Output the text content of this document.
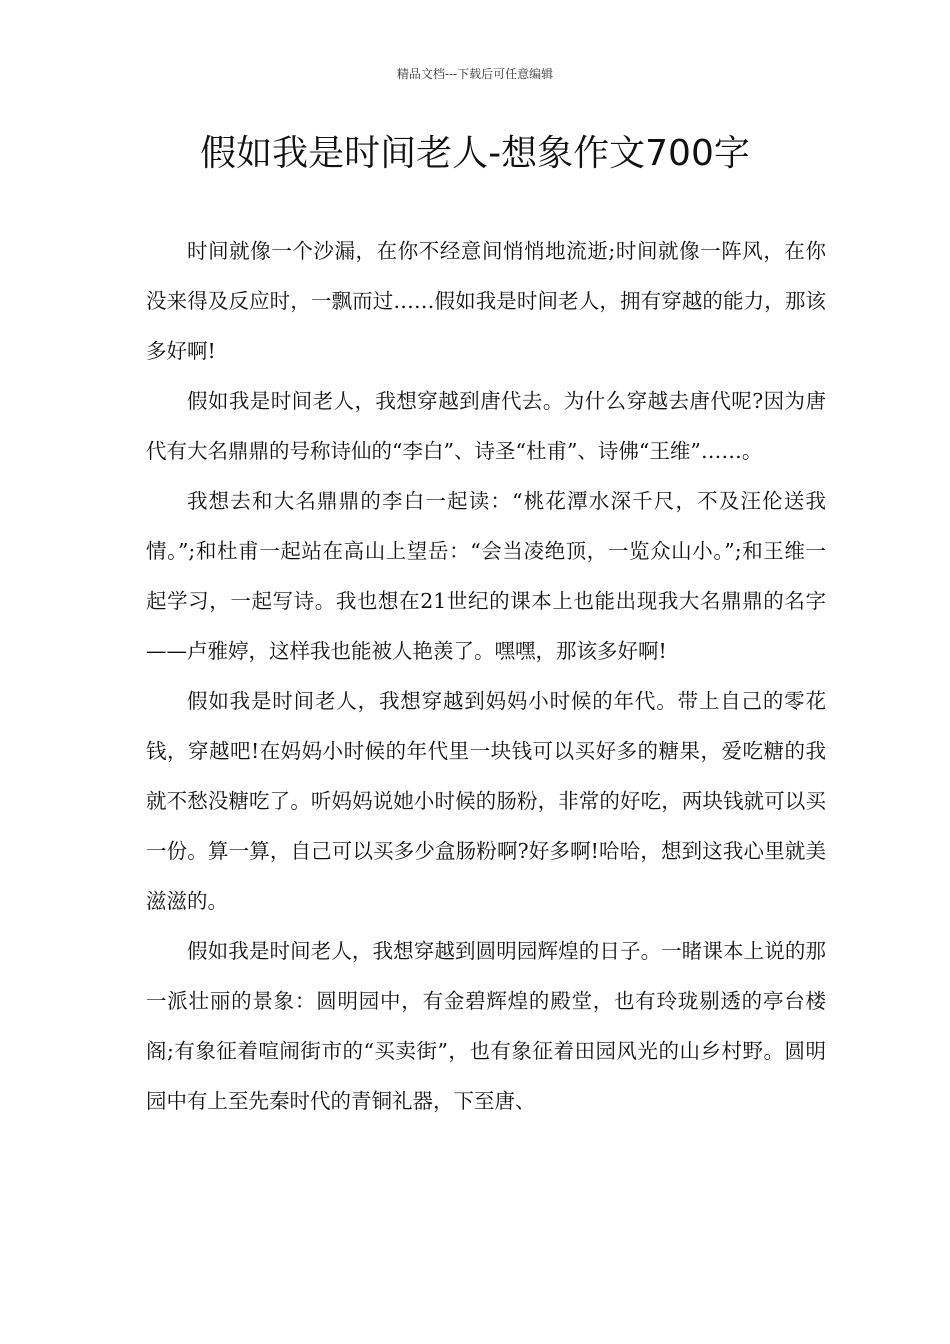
精品文档---下载后可任意编辑
假如我是时间老人-想象作文700字

时间就像一个沙漏，在你不经意间悄悄地流逝;时间就像一阵风，在你没来得及反应时，一飘而过……假如我是时间老人，拥有穿越的能力，那该多好啊!

假如我是时间老人，我想穿越到唐代去。为什么穿越去唐代呢?因为唐代有大名鼎鼎的号称诗仙的“李白”、诗圣“杜甫”、诗佛“王维”……。

我想去和大名鼎鼎的李白一起读：“桃花潭水深千尺，不及汪伦送我情。”;和杜甫一起站在高山上望岳：“会当凌绝顶，一览众山小。”;和王维一起学习，一起写诗。我也想在21世纪的课本上也能出现我大名鼎鼎的名字——卢雅婷，这样我也能被人艳羡了。嘿嘿，那该多好啊!

假如我是时间老人，我想穿越到妈妈小时候的年代。带上自己的零花钱，穿越吧!在妈妈小时候的年代里一块钱可以买好多的糖果，爱吃糖的我就不愁没糖吃了。听妈妈说她小时候的肠粉，非常的好吃，两块钱就可以买一份。算一算，自己可以买多少盒肠粉啊?好多啊!哈哈，想到这我心里就美滋滋的。

假如我是时间老人，我想穿越到圆明园辉煌的日子。一睹课本上说的那一派壮丽的景象：圆明园中，有金碧辉煌的殿堂，也有玲珑剔透的亭台楼阁;有象征着喧闹街市的“买卖街”，也有象征着田园风光的山乡村野。圆明园中有上至先秦时代的青铜礼器，下至唐、
